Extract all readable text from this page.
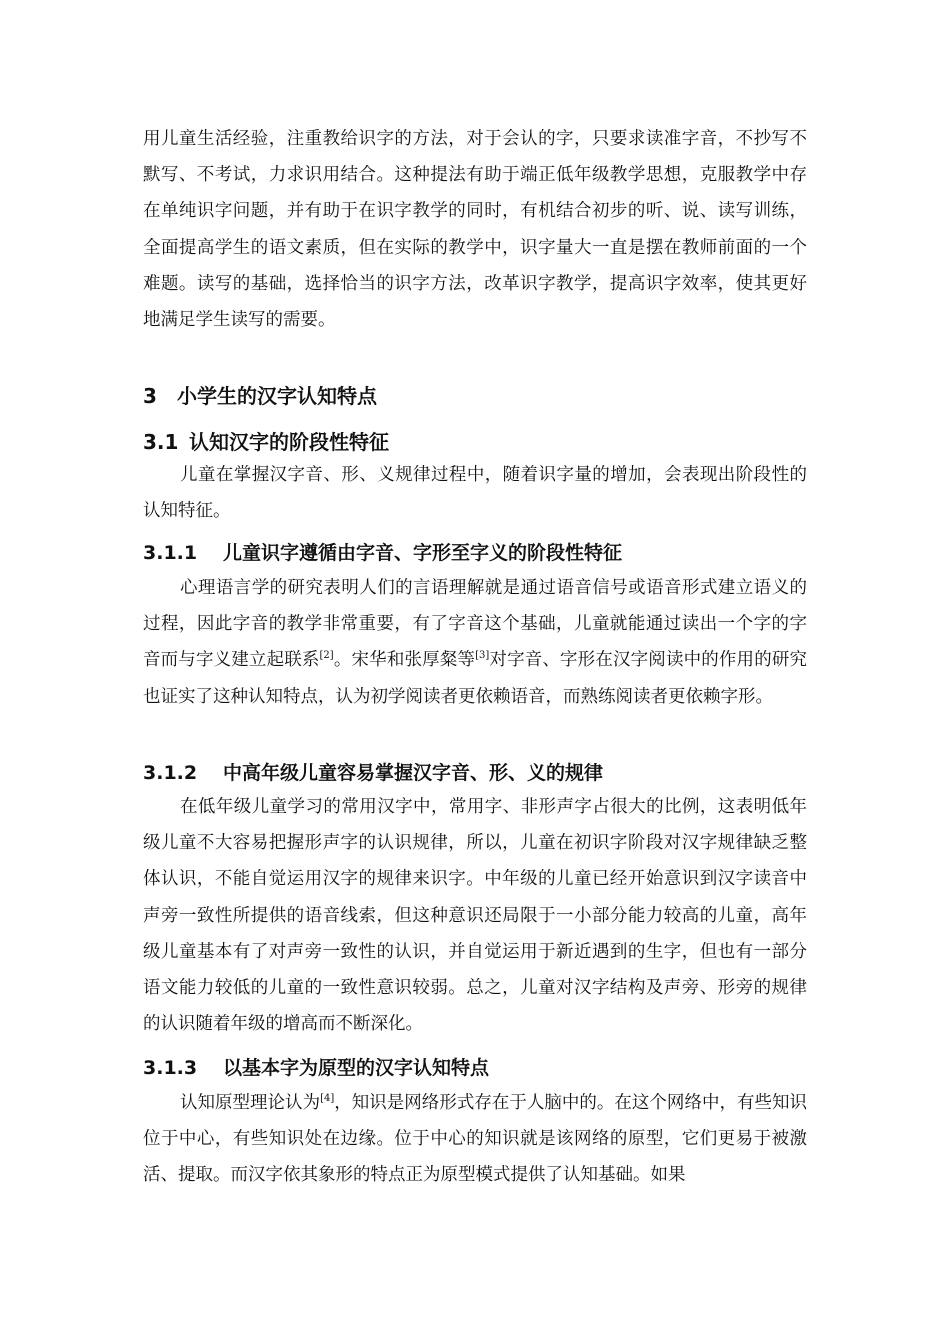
用儿童生活经验，注重教给识字的方法，对于会认的字，只要求读准字音，不抄写不默写、不考试，力求识用结合。这种提法有助于端正低年级教学思想，克服教学中存在单纯识字问题，并有助于在识字教学的同时，有机结合初步的听、说、读写训练，全面提高学生的语文素质，但在实际的教学中，识字量大一直是摆在教师前面的一个难题。读写的基础，选择恰当的识字方法，改革识字教学，提高识字效率，使其更好地满足学生读写的需要。

3 小学生的汉字认知特点
3.1 认知汉字的阶段性特征

儿童在掌握汉字音、形、义规律过程中，随着识字量的增加，会表现出阶段性的认知特征。

3.1.1 儿童识字遵循由字音、字形至字义的阶段性特征

心理语言学的研究表明人们的言语理解就是通过语音信号或语音形式建立语义的过程，因此字音的教学非常重要，有了字音这个基础，儿童就能通过读出一个字的字音而与字义建立起联系[2]。宋华和张厚粲等[3]对字音、字形在汉字阅读中的作用的研究也证实了这种认知特点，认为初学阅读者更依赖语音，而熟练阅读者更依赖字形。

3.1.2 中高年级儿童容易掌握汉字音、形、义的规律

在低年级儿童学习的常用汉字中，常用字、非形声字占很大的比例，这表明低年级儿童不大容易把握形声字的认识规律，所以，儿童在初识字阶段对汉字规律缺乏整体认识，不能自觉运用汉字的规律来识字。中年级的儿童已经开始意识到汉字读音中声旁一致性所提供的语音线索，但这种意识还局限于一小部分能力较高的儿童，高年级儿童基本有了对声旁一致性的认识，并自觉运用于新近遇到的生字，但也有一部分语文能力较低的儿童的一致性意识较弱。总之，儿童对汉字结构及声旁、形旁的规律的认识随着年级的增高而不断深化。

3.1.3 以基本字为原型的汉字认知特点

认知原型理论认为[4]，知识是网络形式存在于人脑中的。在这个网络中，有些知识位于中心，有些知识处在边缘。位于中心的知识就是该网络的原型，它们更易于被激活、提取。而汉字依其象形的特点正为原型模式提供了认知基础。如果
